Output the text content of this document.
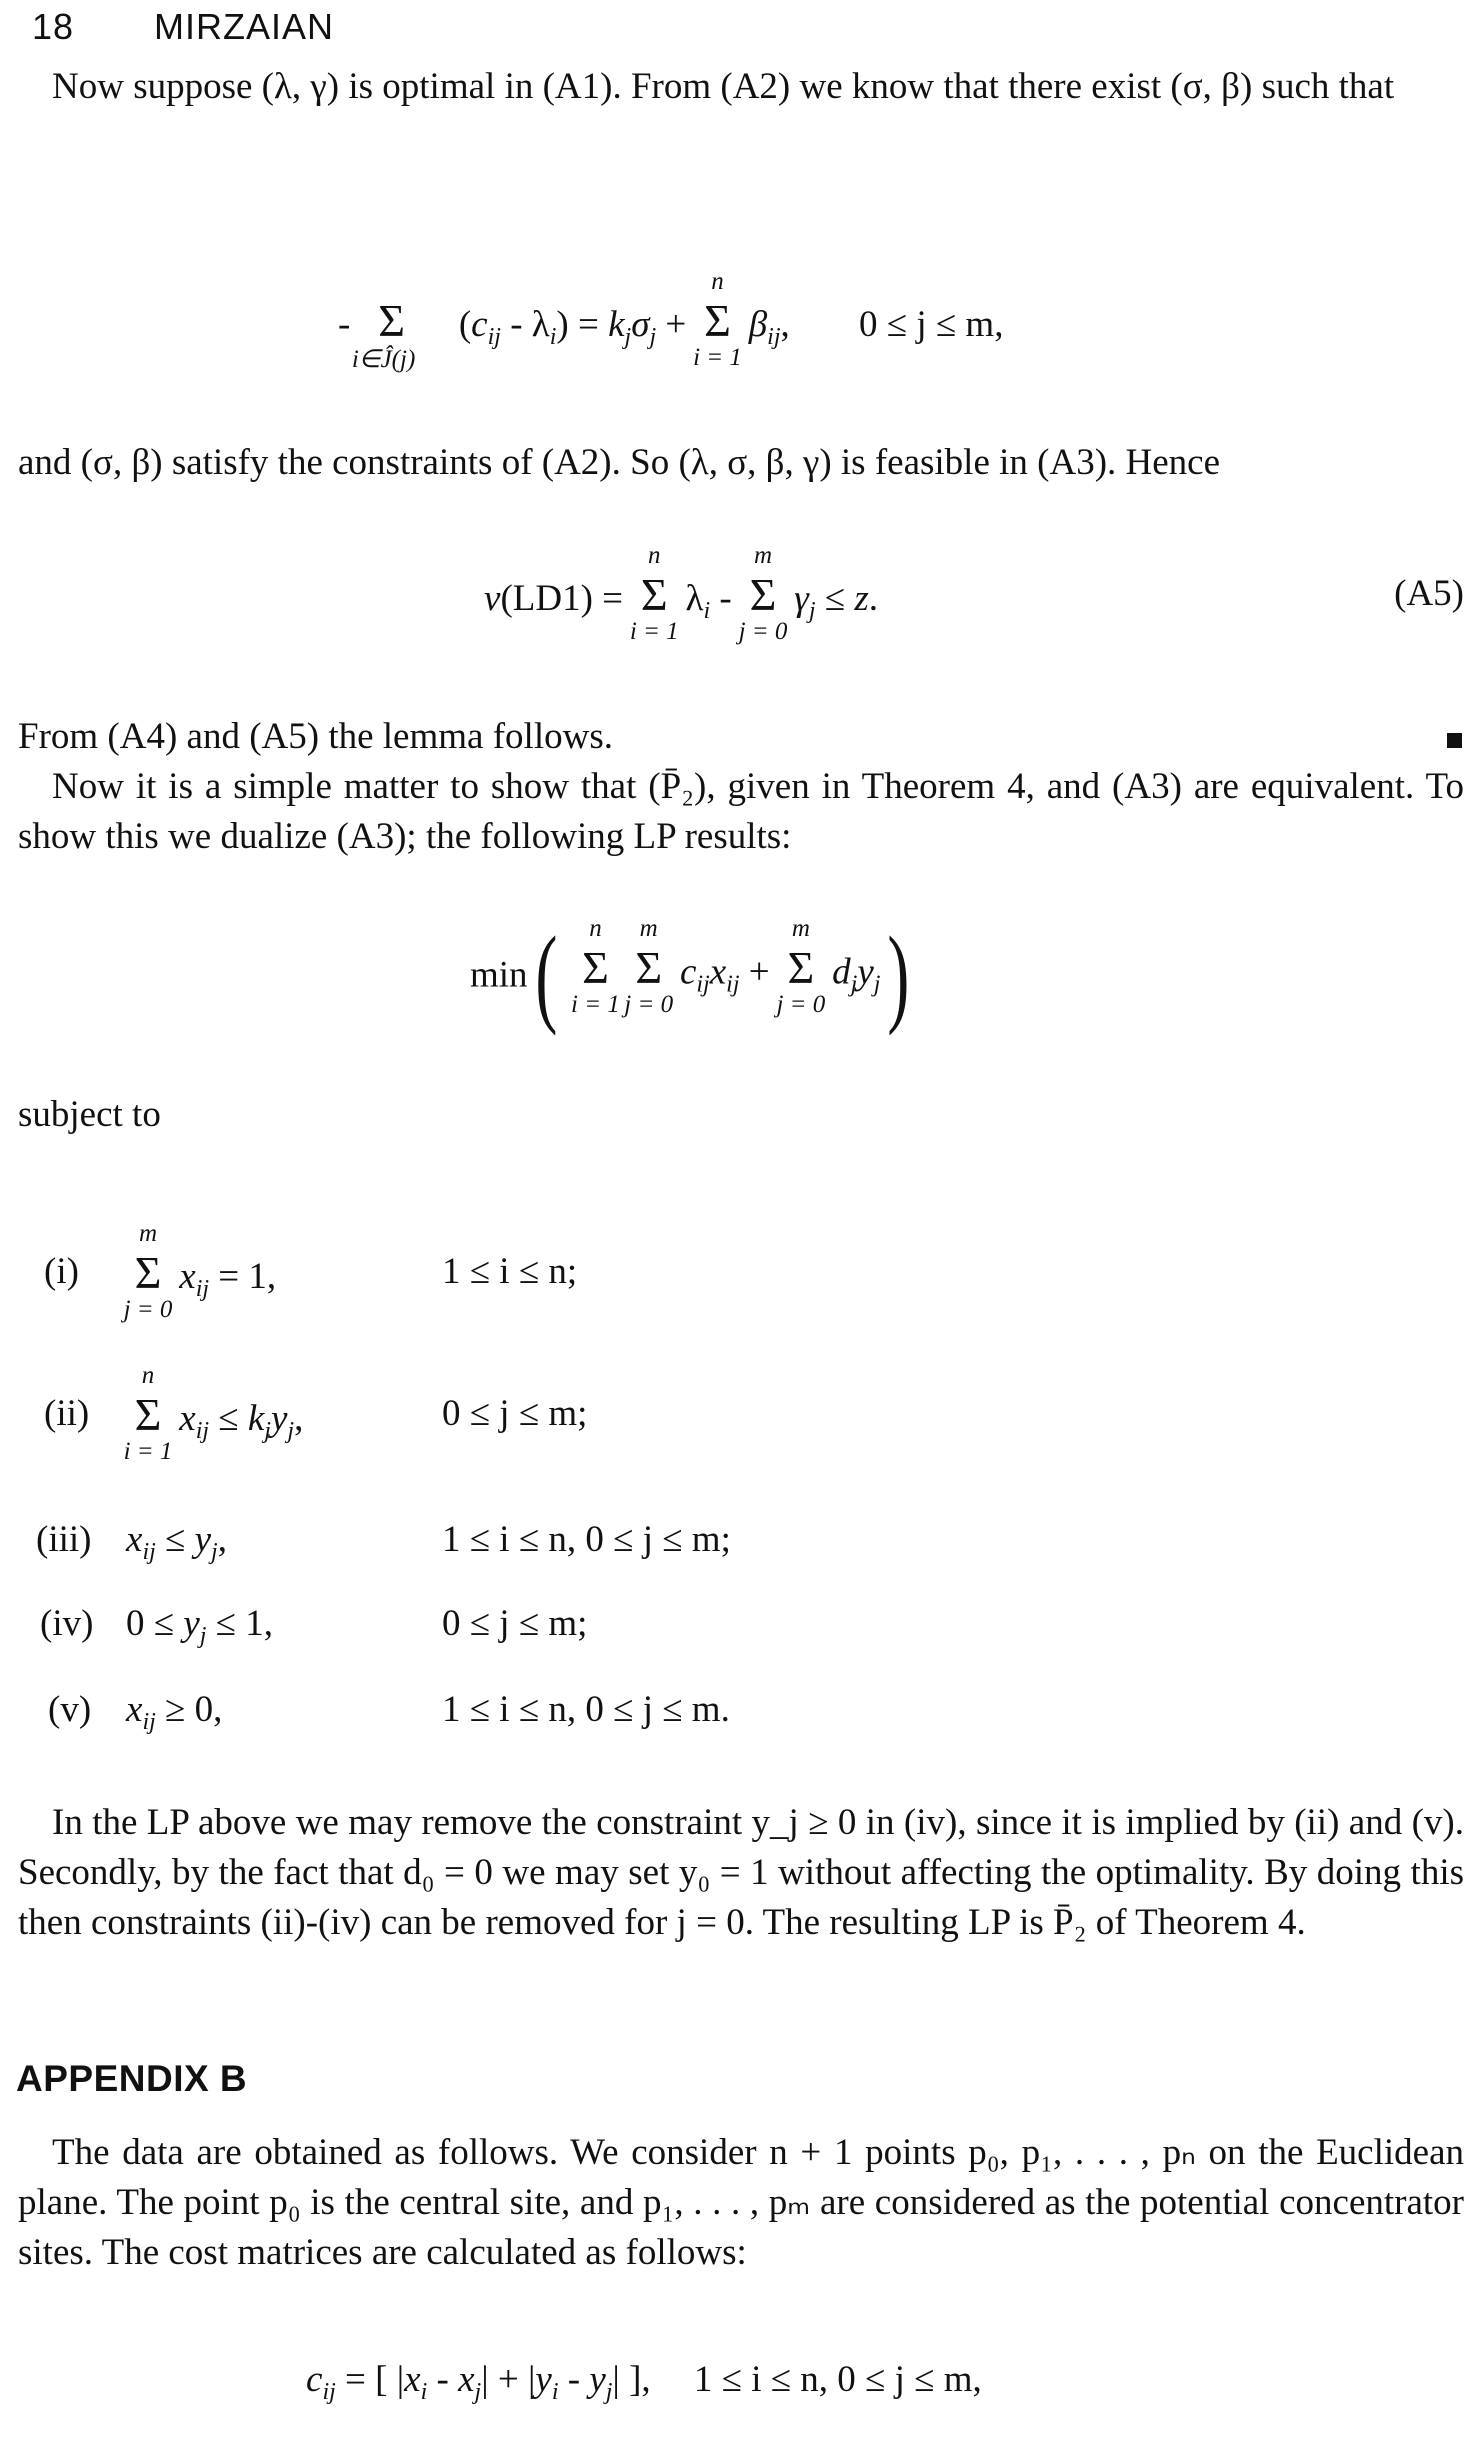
18 MIRZAIAN
Now suppose (λ, γ) is optimal in (A1). From (A2) we know that there exist (σ, β) such that
- Σ
i∈Ĵ(j)
$(c_{ij} - \lambda_i) = k_j\sigma_j$ +
n
Σ
i = 1
$\beta_{ij}$, 0 ≤ j ≤ m,
and (σ, β) satisfy the constraints of (A2). So (λ, σ, β, γ) is feasible in (A3). Hence
v(LD1) =
n
Σ
i = 1
$\lambda_i$ -
m
Σ
j = 0
$\gamma_j \le z$.	(A5)
From (A4) and (A5) the lemma follows.
Now it is a simple matter to show that (P̄₂), given in Theorem 4, and (A3) are equivalent. To show this we dualize (A3); the following LP results:
min(	n
Σ
i = 1

m
Σ
j = 0
$c_{ij}x_{ij}$ +
m
Σ
j = 0
$d_jy_j$)
subject to
(i)
m
Σ
j = 0
$x_{ij} = 1$,	1 ≤ i ≤ n;
(ii)
n
Σ
i = 1
$x_{ij} \le k_jy_j$,	0 ≤ j ≤ m;
(iii) $x_{ij} \le y_j$,	1 ≤ i ≤ n, 0 ≤ j ≤ m;
(iv) $0 \le y_j \le 1$,	0 ≤ j ≤ m;
(v) $x_{ij} \ge 0$,	1 ≤ i ≤ n, 0 ≤ j ≤ m.
In the LP above we may remove the constraint y_j ≥ 0 in (iv), since it is implied by (ii) and (v). Secondly, by the fact that d₀ = 0 we may set y₀ = 1 without affecting the optimality. By doing this then constraints (ii)-(iv) can be removed for j = 0. The resulting LP is P̄₂ of Theorem 4.
APPENDIX B
The data are obtained as follows. We consider n + 1 points p₀, p₁, . . . , pₙ on the Euclidean plane. The point p₀ is the central site, and p₁, . . . , pₘ are considered as the potential concentrator sites. The cost matrices are calculated as follows:
$c_{ij}$ = [ $|x_i - x_j| + |y_i - y_j|$ ], 1 ≤ i ≤ n, 0 ≤ j ≤ m,
